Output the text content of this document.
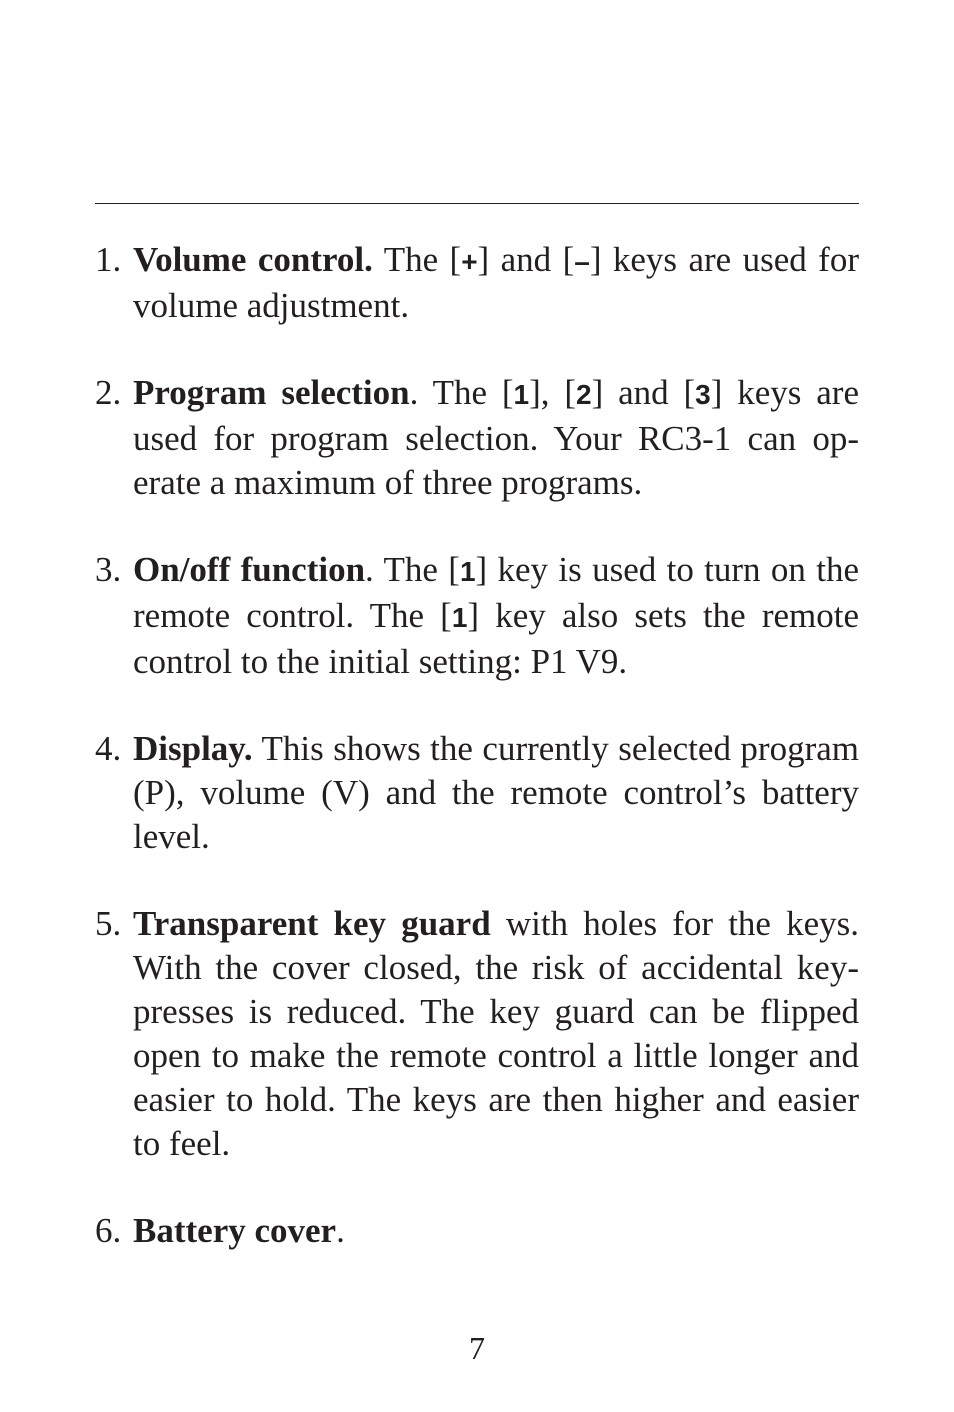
1. Volume control. The [+] and [–] keys are used for volume adjustment.
2. Program selection. The [1], [2] and [3] keys are used for program selection. Your RC3-1 can operate a maximum of three programs.
3. On/off function. The [1] key is used to turn on the remote control. The [1] key also sets the remote control to the initial setting: P1 V9.
4. Display. This shows the currently selected program (P), volume (V) and the remote control’s battery level.
5. Transparent key guard with holes for the keys. With the cover closed, the risk of accidental keypresses is reduced. The key guard can be flipped open to make the remote control a little longer and easier to hold. The keys are then higher and easier to feel.
6. Battery cover.
7
